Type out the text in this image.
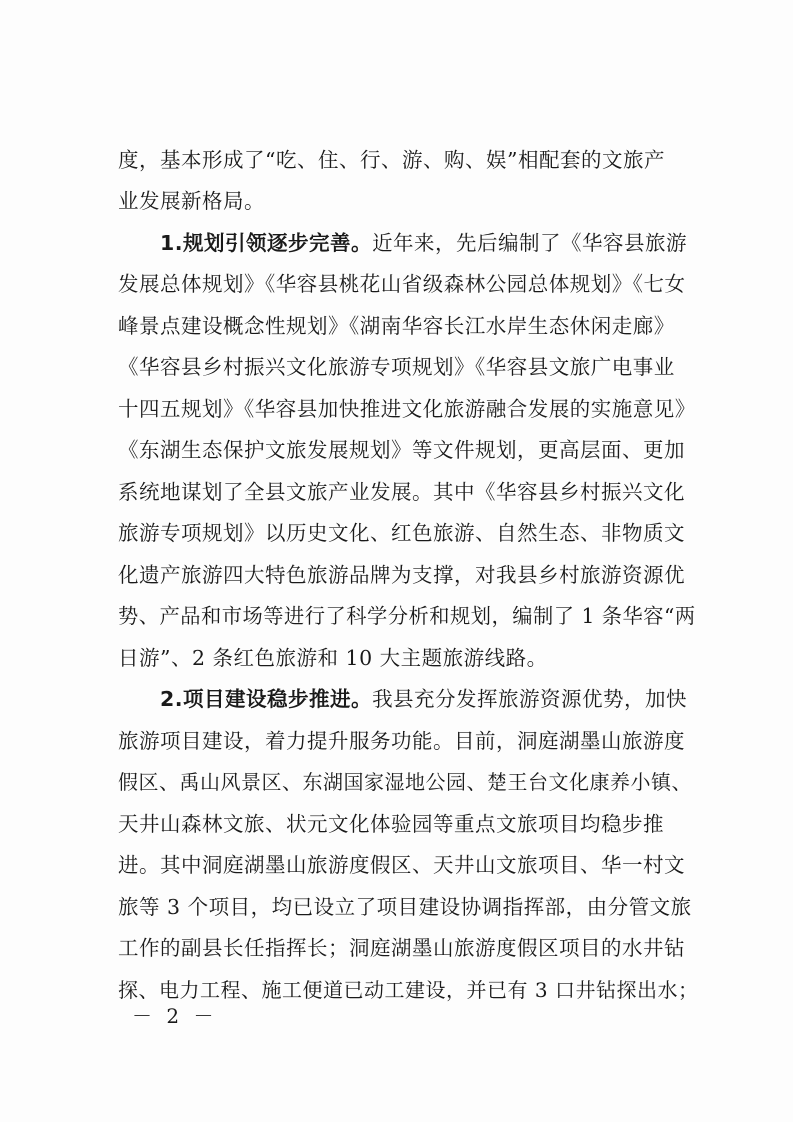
度，基本形成了“吃、住、行、游、购、娱”相配套的文旅产
业发展新格局。
1.规划引领逐步完善。近年来，先后编制了《华容县旅游
发展总体规划》《华容县桃花山省级森林公园总体规划》《七女
峰景点建设概念性规划》《湖南华容长江水岸生态休闲走廊》
《华容县乡村振兴文化旅游专项规划》《华容县文旅广电事业
十四五规划》《华容县加快推进文化旅游融合发展的实施意见》
《东湖生态保护文旅发展规划》等文件规划，更高层面、更加
系统地谋划了全县文旅产业发展。其中《华容县乡村振兴文化
旅游专项规划》以历史文化、红色旅游、自然生态、非物质文
化遗产旅游四大特色旅游品牌为支撑，对我县乡村旅游资源优
势、产品和市场等进行了科学分析和规划，编制了 1 条华容“两
日游”、2 条红色旅游和 10 大主题旅游线路。
2.项目建设稳步推进。我县充分发挥旅游资源优势，加快
旅游项目建设，着力提升服务功能。目前，洞庭湖墨山旅游度
假区、禹山风景区、东湖国家湿地公园、楚王台文化康养小镇、
天井山森林文旅、状元文化体验园等重点文旅项目均稳步推
进。其中洞庭湖墨山旅游度假区、天井山文旅项目、华一村文
旅等 3 个项目，均已设立了项目建设协调指挥部，由分管文旅
工作的副县长任指挥长；洞庭湖墨山旅游度假区项目的水井钻
探、电力工程、施工便道已动工建设，并已有 3 口井钻探出水；
－ 2 －
